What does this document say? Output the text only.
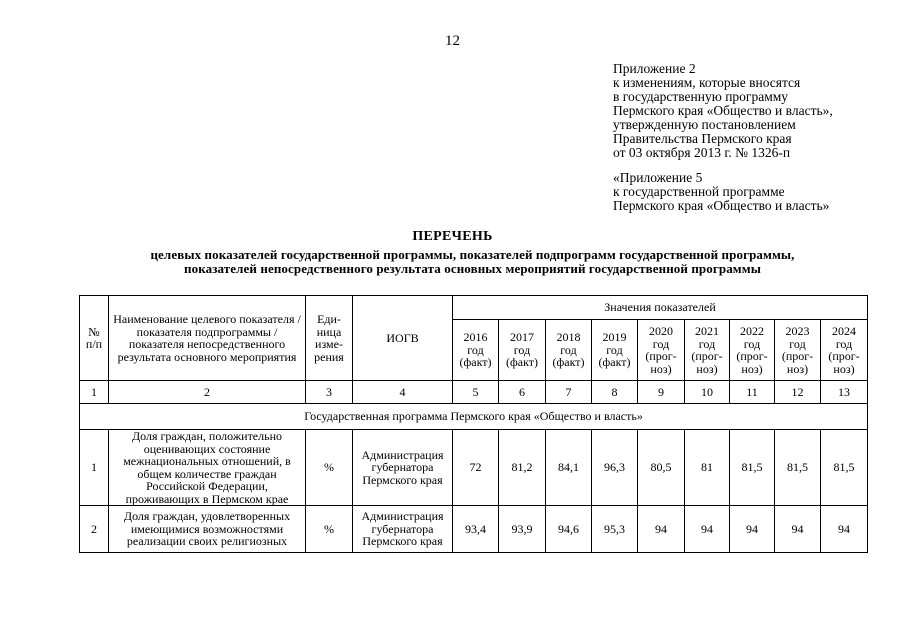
12
Приложение 2
к изменениям, которые вносятся
в государственную программу
Пермского края «Общество и власть»,
утвержденную постановлением
Правительства Пермского края
от 03 октября 2013 г. № 1326-п
«Приложение 5
к государственной программе
Пермского края «Общество и власть»
ПЕРЕЧЕНЬ
целевых показателей государственной программы, показателей подпрограмм государственной программы,
показателей непосредственного результата основных мероприятий государственной программы
№ п/п	Наименование целевого показателя / показателя подпрограммы / показателя непосредственного результата основного мероприятия	Еди- ница изме- рения	ИОГВ	Значения показателей								
				2016 год (факт)	2017 год (факт)	2018 год (факт)	2019 год (факт)	2020 год (прог- ноз)	2021 год (прог- ноз)	2022 год (прог- ноз)	2023 год (прог- ноз)	2024 год (прог- ноз)
1	2	3	4	5	6	7	8	9	10	11	12	13
Государственная программа Пермского края «Общество и власть»												
1	Доля граждан, положительно оценивающих состояние межнациональных отношений, в общем количестве граждан Российской Федерации, проживающих в Пермском крае	%	Администрация губернатора Пермского края	72	81,2	84,1	96,3	80,5	81	81,5	81,5	81,5
2	Доля граждан, удовлетворенных имеющимися возможностями реализации своих религиозных	%	Администрация губернатора Пермского края	93,4	93,9	94,6	95,3	94	94	94	94	94
